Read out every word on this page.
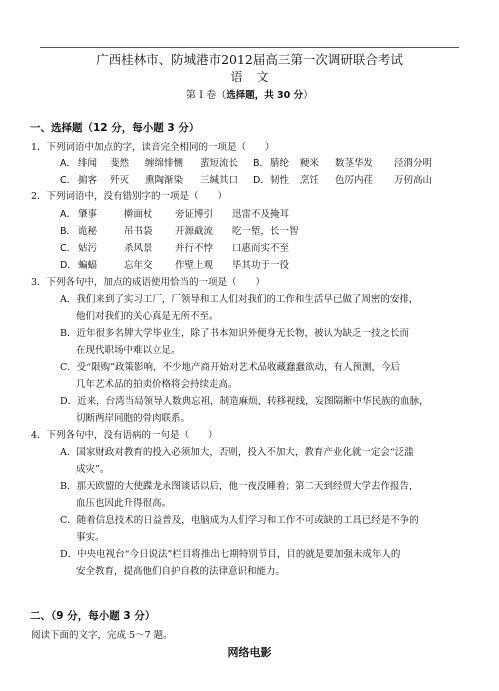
广西桂林市、防城港市2012届高三第一次调研联合考试
语文
第 I 卷（选择题，共 30 分）
一、选择题（12 分，每小题 3 分）
1．下列词语中加点的字，读音完全相同的一项是（　　）
A． 绯闻 斐然 缠绵悱恻 蜚短流长 B． 腈纶 粳米 数茎华发 泾渭分明
C． 掮客 歼灭 熏陶渐染 三缄其口 D． 韧性 烹饪 色厉内荏 万仞高山
2．下列词语中，没有错别字的一项是（　　）
A． 肇事	擀面杖 旁证博引 迅雷不及掩耳
B． 诡秘	吊书袋 开源截流 吃一堑，长一智
C． 姑污	杀风景 并行不悖 口惠而实不至
D． 蝙蝠	忘年交 作壁上观 毕其功于一役
3．下列各句中，加点的成语使用恰当的一项是（　　）
A．我们来到了实习工厂，厂领导和工人们对我们的工作和生活早已做了周密的安排，
他们对我们的关心真是无所不至。
B．近年很多名牌大学毕业生，除了书本知识外便身无长物，被认为缺乏一技之长而
在现代职场中难以立足。
C．受“限购”政策影响，不少地产商开始对艺术品收藏蠢蠢欲动，有人预测，今后
几年艺术品的拍卖价格将会持续走高。
D．近来，台湾当局领导人数典忘祖，制造麻烦，转移视线，妄图隔断中华民族的血脉，
切断两岸同胞的骨肉联系。
4．下列各句中，没有语病的一句是（　　）
A．国家财政对教育的投入必须加大，否则，投入不加大，教育产业化就一定会“泛滥
成灾”。
B．那天欧盟的大使蹀龙永图谈话以后，他一夜没睡着；第二天到经贸大学去作报告，
血压也因此升得很高。
C．随着信息技术的日益普及，电脑成为人们学习和工作不可或缺的工具已经是不争的
事实。
D．中央电视台“今日说法”栏目将推出七期特别节目，目的就是要加强未成年人的
安全教育，提高他们自护自救的法律意识和能力。
二、（9 分，每小题 3 分）
阅读下面的文字，完成 5～7 题。
网络电影
